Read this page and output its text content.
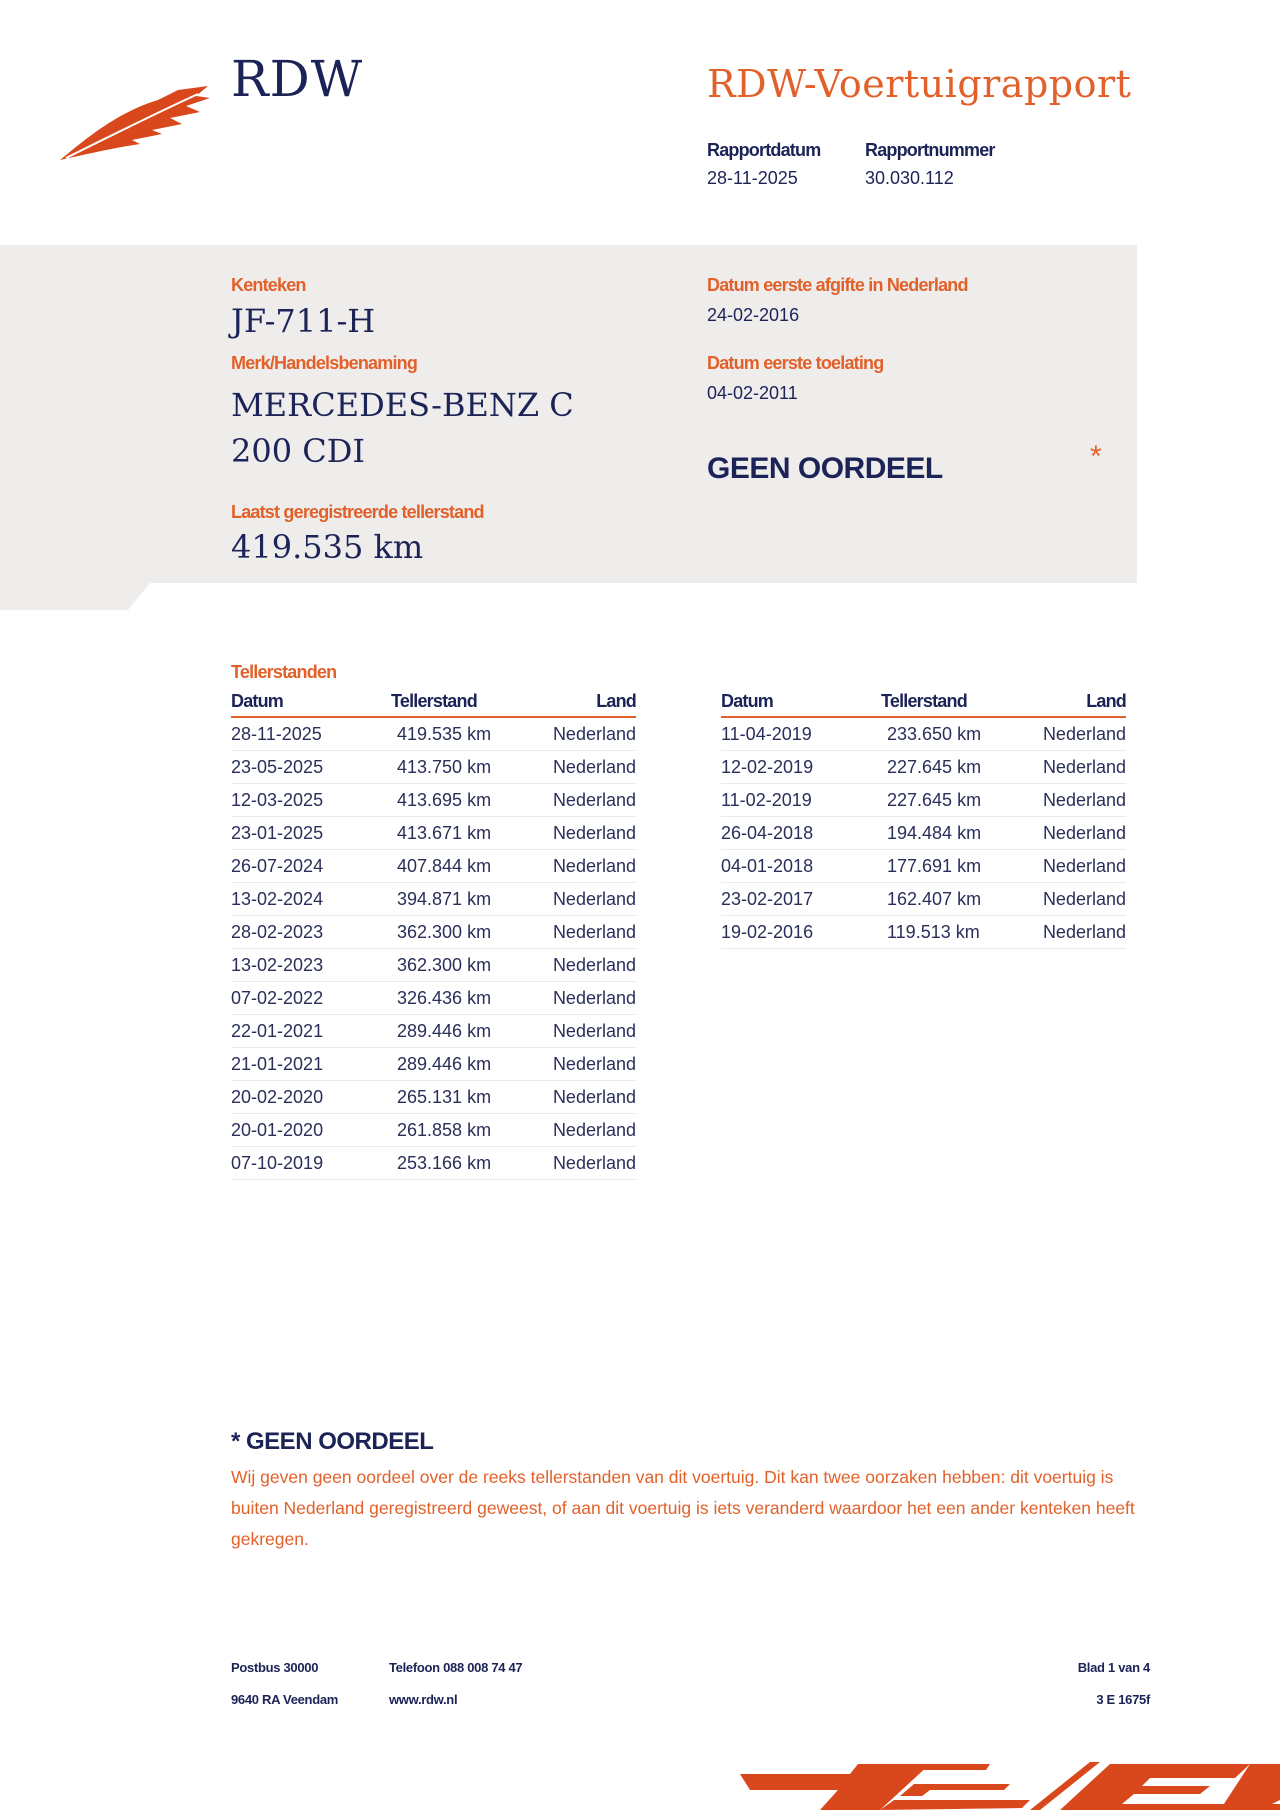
RDW	RDW-Voertuigrapport
Rapportdatum
28-11-2025
Rapportnummer
30.030.112
Kenteken
JF-711-H
Merk/Handelsbenaming
MERCEDES-BENZ C 200 CDI
Laatst geregistreerde tellerstand
419.535 km
Datum eerste afgifte in Nederland
24-02-2016
Datum eerste toelating
04-02-2011
GEEN OORDEEL	*
Tellerstanden
Datum	Tellerstand	Land
28-11-2025	419.535 km	Nederland
23-05-2025	413.750 km	Nederland
12-03-2025	413.695 km	Nederland
23-01-2025	413.671 km	Nederland
26-07-2024	407.844 km	Nederland
13-02-2024	394.871 km	Nederland
28-02-2023	362.300 km	Nederland
13-02-2023	362.300 km	Nederland
07-02-2022	326.436 km	Nederland
22-01-2021	289.446 km	Nederland
21-01-2021	289.446 km	Nederland
20-02-2020	265.131 km	Nederland
20-01-2020	261.858 km	Nederland
07-10-2019	253.166 km	Nederland
Datum	Tellerstand	Land
11-04-2019	233.650 km	Nederland
12-02-2019	227.645 km	Nederland
11-02-2019	227.645 km	Nederland
26-04-2018	194.484 km	Nederland
04-01-2018	177.691 km	Nederland
23-02-2017	162.407 km	Nederland
19-02-2016	119.513 km	Nederland
* GEEN OORDEEL
Wij geven geen oordeel over de reeks tellerstanden van dit voertuig. Dit kan twee oorzaken hebben: dit voertuig is buiten Nederland geregistreerd geweest, of aan dit voertuig is iets veranderd waardoor het een ander kenteken heeft gekregen.
Postbus 30000
9640 RA Veendam
Telefoon 088 008 74 47
www.rdw.nl
Blad 1 van 4
3 E 1675f
